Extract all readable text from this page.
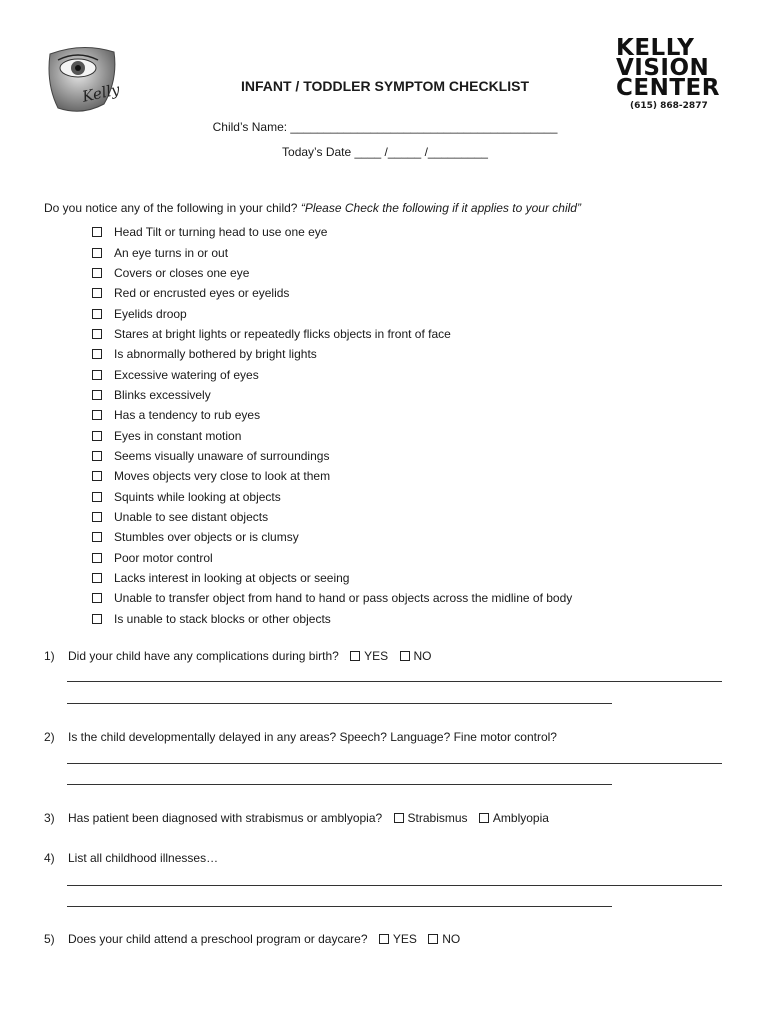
Kelly
KELLY
VISION
CENTER
(615) 868-2877
INFANT / TODDLER SYMPTOM CHECKLIST
Child’s Name: ________________________________________
Today’s Date ____ /_____ /_________
Do you notice any of the following in your child? “Please Check the following if it applies to your child”
Head Tilt or turning head to use one eye
An eye turns in or out
Covers or closes one eye
Red or encrusted eyes or eyelids
Eyelids droop
Stares at bright lights or repeatedly flicks objects in front of face
Is abnormally bothered by bright lights
Excessive watering of eyes
Blinks excessively
Has a tendency to rub eyes
Eyes in constant motion
Seems visually unaware of surroundings
Moves objects very close to look at them
Squints while looking at objects
Unable to see distant objects
Stumbles over objects or is clumsy
Poor motor control
Lacks interest in looking at objects or seeing
Unable to transfer object from hand to hand or pass objects across the midline of body
Is unable to stack blocks or other objects
1) Did your child have any complications during birth? YES NO
2) Is the child developmentally delayed in any areas? Speech? Language? Fine motor control?
3) Has patient been diagnosed with strabismus or amblyopia? Strabismus Amblyopia
4) List all childhood illnesses…
5) Does your child attend a preschool program or daycare? YES NO
